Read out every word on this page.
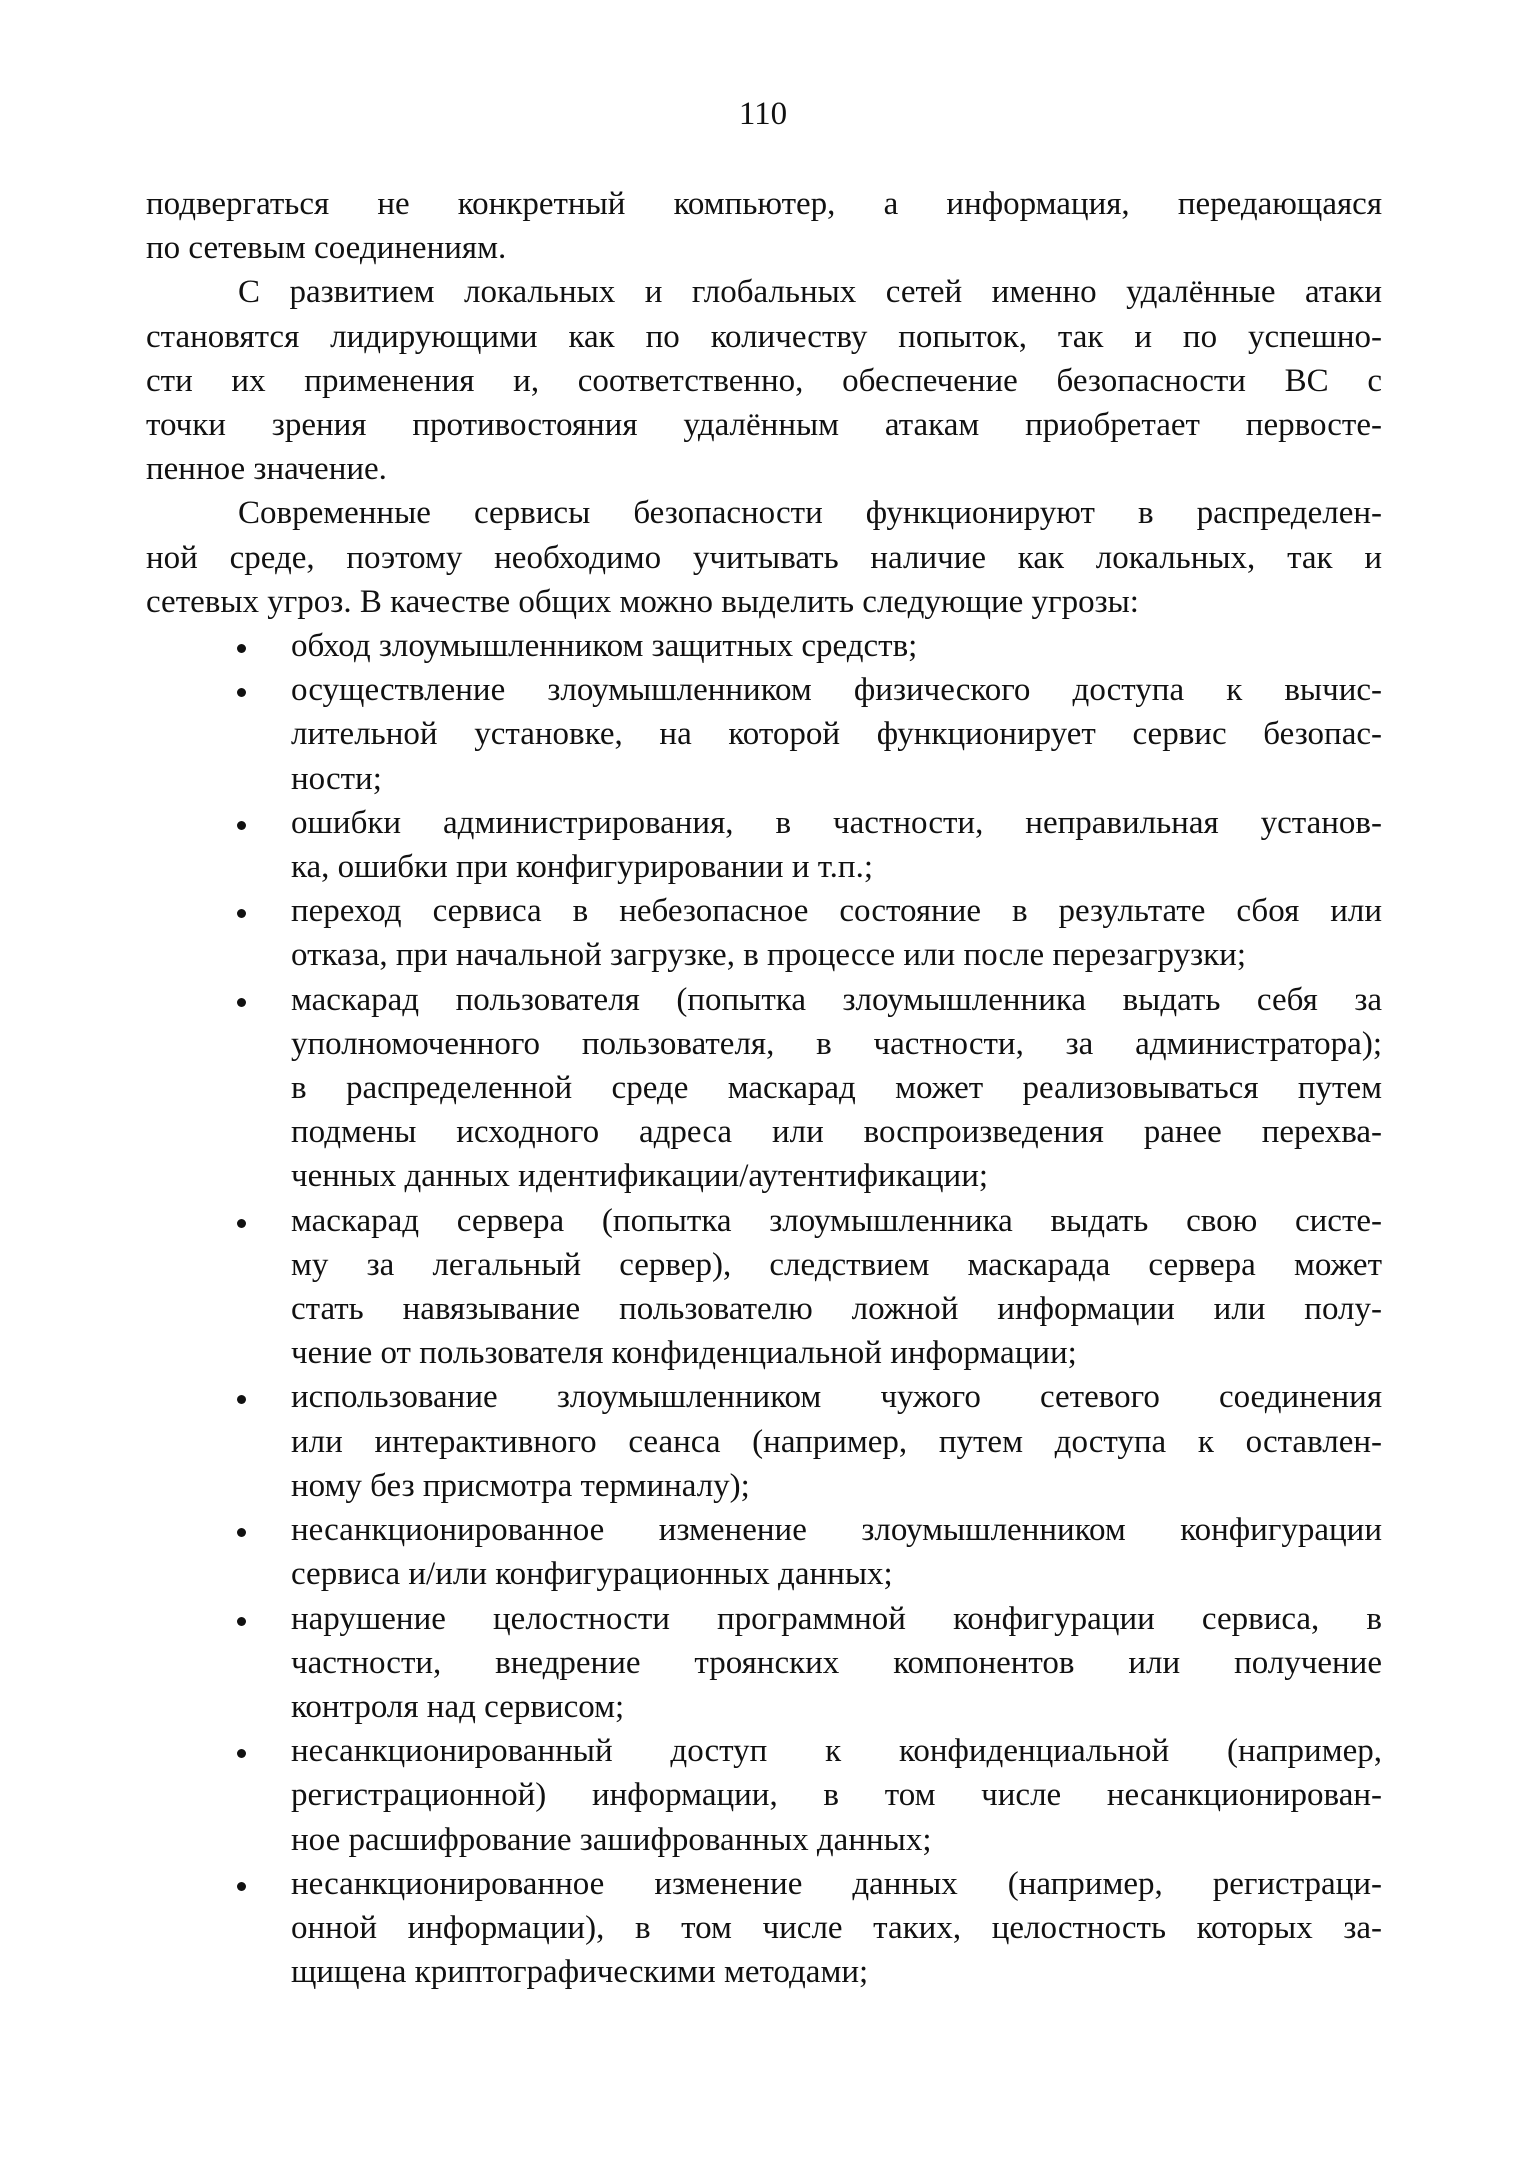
110

подвергаться не конкретный компьютер, а информация, передающаяся
по сетевым соединениям.

С развитием локальных и глобальных сетей именно удалённые атаки
становятся лидирующими как по количеству попыток, так и по успешно-
сти их применения и, соответственно, обеспечение безопасности ВС с
точки зрения противостояния удалённым атакам приобретает первосте-
пенное значение.

Современные сервисы безопасности функционируют в распределен-
ной среде, поэтому необходимо учитывать наличие как локальных, так и
сетевых угроз. В качестве общих можно выделить следующие угрозы:

обход злоумышленником защитных средств;
осуществление злоумышленником физического доступа к вычис-
лительной установке, на которой функционирует сервис безопас-
ности;
ошибки администрирования, в частности, неправильная установ-
ка, ошибки при конфигурировании и т.п.;
переход сервиса в небезопасное состояние в результате сбоя или
отказа, при начальной загрузке, в процессе или после перезагрузки;
маскарад пользователя (попытка злоумышленника выдать себя за
уполномоченного пользователя, в частности, за администратора);
в распределенной среде маскарад может реализовываться путем
подмены исходного адреса или воспроизведения ранее перехва-
ченных данных идентификации/аутентификации;
маскарад сервера (попытка злоумышленника выдать свою систе-
му за легальный сервер), следствием маскарада сервера может
стать навязывание пользователю ложной информации или полу-
чение от пользователя конфиденциальной информации;
использование злоумышленником чужого сетевого соединения
или интерактивного сеанса (например, путем доступа к оставлен-
ному без присмотра терминалу);
несанкционированное изменение злоумышленником конфигурации
сервиса и/или конфигурационных данных;
нарушение целостности программной конфигурации сервиса, в
частности, внедрение троянских компонентов или получение
контроля над сервисом;
несанкционированный доступ к конфиденциальной (например,
регистрационной) информации, в том числе несанкционирован-
ное расшифрование зашифрованных данных;
несанкционированное изменение данных (например, регистраци-
онной информации), в том числе таких, целостность которых за-
щищена криптографическими методами;
